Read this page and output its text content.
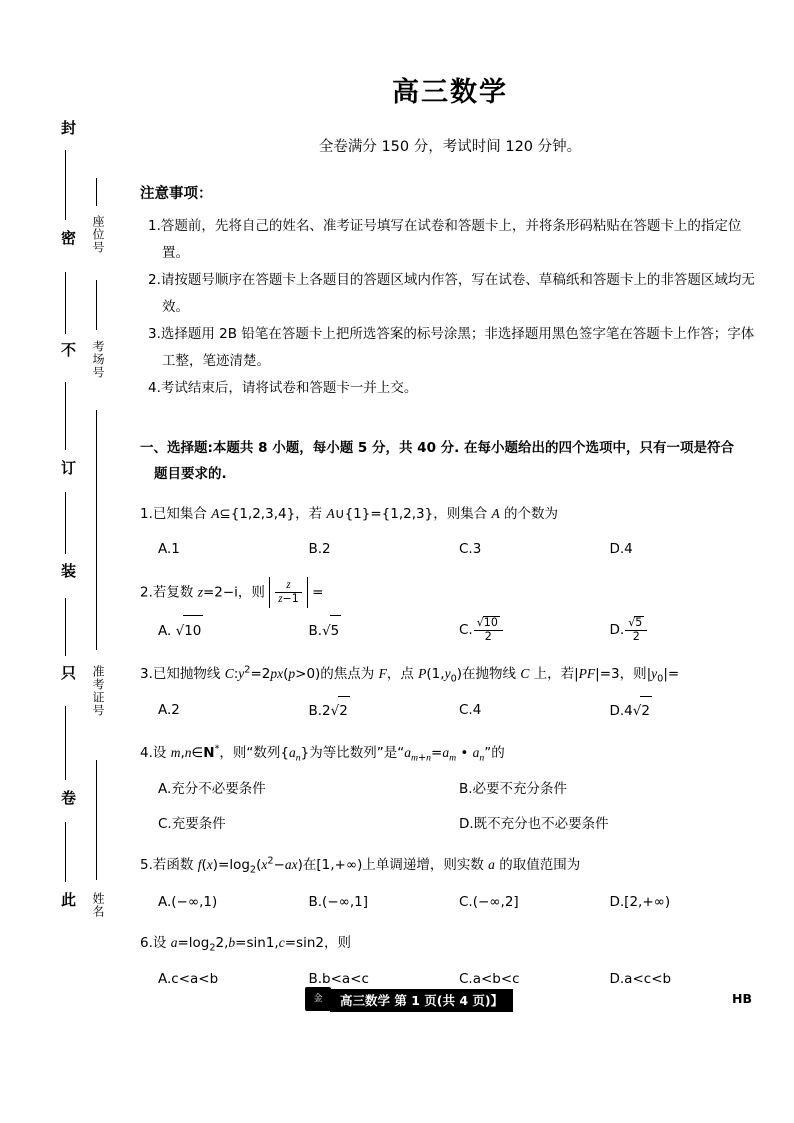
封
密
不
订
装
只
卷
此
座位号
考场号
准考证号
姓名
高三数学
全卷满分 150 分，考试时间 120 分钟。
注意事项：
1.答题前，先将自己的姓名、准考证号填写在试卷和答题卡上，并将条形码粘贴在答题卡上的指定位置。
2.请按题号顺序在答题卡上各题目的答题区域内作答，写在试卷、草稿纸和答题卡上的非答题区域均无效。
3.选择题用 2B 铅笔在答题卡上把所选答案的标号涂黑；非选择题用黑色签字笔在答题卡上作答；字体工整，笔迹清楚。
4.考试结束后，请将试卷和答题卡一并上交。
一、选择题:本题共 8 小题，每小题 5 分，共 40 分. 在每小题给出的四个选项中，只有一项是符合
题目要求的.
1.已知集合 A⊆{1,2,3,4}，若 A∪{1}={1,2,3}，则集合 A 的个数为
A.1	B.2	C.3	D.4
2.若复数 z=2−i，则 $\frac{z}{z-1}$ =
A. √10	B.√5	C. $\frac{√10}{2}$	D. $\frac{√5}{2}$
3.已知抛物线 $C:y^2=2px(p>0)$的焦点为 F，点 $P(1,y_0)$在抛物线 C 上，若|PF|=3，则$|y_0|=$
A.2	B.2√2	C.4	D.4√2
4.设 m,n∈N*，则“数列$\{a_n\}$为等比数列”是“$a_{m+n}=a_m$ • $a_n$”的
A.充分不必要条件	B.必要不充分条件
C.充要条件	D.既不充分也不必要条件
5.若函数 $f(x)=\log_2(x^2-ax)$在[1,+∞)上单调递增，则实数 a 的取值范围为
A.(−∞,1)	B.(−∞,1]	C.(−∞,2]	D.[2,+∞)
6.设 $a=\log_22,b=\sin 1,c=\sin 2$，则
A.c<a<b	B.b<a<c	C.a<b<c	D.a<c<b
金	高三数学 第 1 页(共 4 页)】	HB
